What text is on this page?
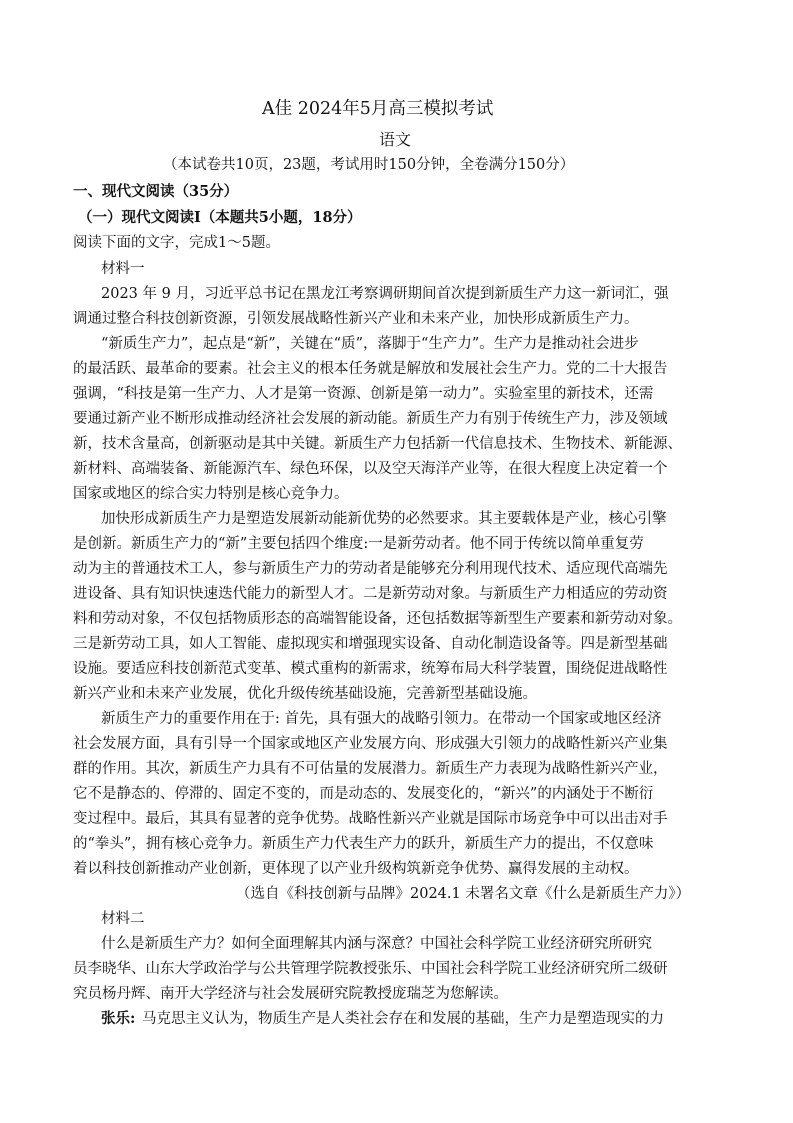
A佳 2024年5月高三模拟考试
语文
（本试卷共10页，23题，考试用时150分钟，全卷满分150分）
一、现代文阅读（35分）
（一）现代文阅读Ⅰ（本题共5小题，18分）
阅读下面的文字，完成1～5题。
材料一
2023 年 9 月，习近平总书记在黑龙江考察调研期间首次提到新质生产力这一新词汇，强
调通过整合科技创新资源，引领发展战略性新兴产业和未来产业，加快形成新质生产力。
“新质生产力”，起点是“新”，关键在“质”，落脚于“生产力”。生产力是推动社会进步
的最活跃、最革命的要素。社会主义的根本任务就是解放和发展社会生产力。党的二十大报告
强调，“科技是第一生产力、人才是第一资源、创新是第一动力”。实验室里的新技术，还需
要通过新产业不断形成推动经济社会发展的新动能。新质生产力有别于传统生产力，涉及领域
新，技术含量高，创新驱动是其中关键。新质生产力包括新一代信息技术、生物技术、新能源、
新材料、高端装备、新能源汽车、绿色环保，以及空天海洋产业等，在很大程度上决定着一个
国家或地区的综合实力特别是核心竞争力。
加快形成新质生产力是塑造发展新动能新优势的必然要求。其主要载体是产业，核心引擎
是创新。新质生产力的“新”主要包括四个维度:一是新劳动者。他不同于传统以简单重复劳
动为主的普通技术工人，参与新质生产力的劳动者是能够充分利用现代技术、适应现代高端先
进设备、具有知识快速迭代能力的新型人才。二是新劳动对象。与新质生产力相适应的劳动资
料和劳动对象，不仅包括物质形态的高端智能设备，还包括数据等新型生产要素和新劳动对象。
三是新劳动工具，如人工智能、虚拟现实和增强现实设备、自动化制造设备等。四是新型基础
设施。要适应科技创新范式变革、模式重构的新需求，统筹布局大科学装置，围绕促进战略性
新兴产业和未来产业发展，优化升级传统基础设施，完善新型基础设施。
新质生产力的重要作用在于: 首先，具有强大的战略引领力。在带动一个国家或地区经济
社会发展方面，具有引导一个国家或地区产业发展方向、形成强大引领力的战略性新兴产业集
群的作用。其次，新质生产力具有不可估量的发展潜力。新质生产力表现为战略性新兴产业，
它不是静态的、停滞的、固定不变的，而是动态的、发展变化的，“新兴”的内涵处于不断衍
变过程中。最后，其具有显著的竞争优势。战略性新兴产业就是国际市场竞争中可以出击对手
的“拳头”，拥有核心竞争力。新质生产力代表生产力的跃升，新质生产力的提出，不仅意味
着以科技创新推动产业创新，更体现了以产业升级构筑新竞争优势、赢得发展的主动权。
（选自《科技创新与品牌》2024.1 未署名文章《什么是新质生产力》）
材料二
什么是新质生产力？如何全面理解其内涵与深意？中国社会科学院工业经济研究所研究
员李晓华、山东大学政治学与公共管理学院教授张乐、中国社会科学院工业经济研究所二级研
究员杨丹辉、南开大学经济与社会发展研究院教授庞瑞芝为您解读。
张乐: 马克思主义认为，物质生产是人类社会存在和发展的基础，生产力是塑造现实的力
